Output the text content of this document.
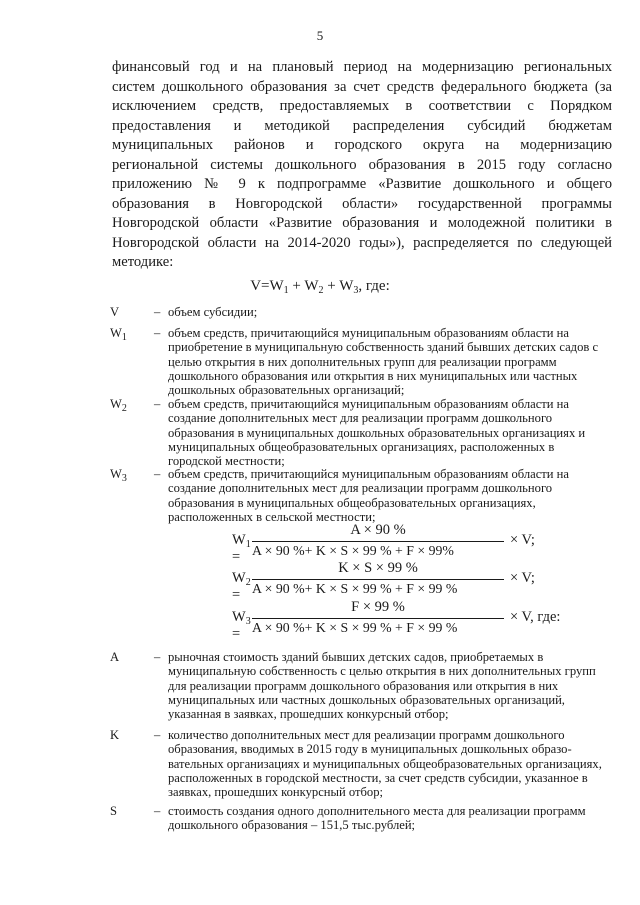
5
финансовый год и на плановый период на модернизацию региональных
систем дошкольного образования за счет средств федерального бюджета (за
исключением средств, предоставляемых в соответствии с Порядком
предоставления и методикой распределения субсидий бюджетам
муниципальных районов и городского округа на модернизацию
региональной системы дошкольного образования в 2015 году согласно
приложению № 9 к подпрограмме «Развитие дошкольного и общего
образования в Новгородской области» государственной программы
Новгородской области «Развитие образования и молодежной политики в
Новгородской области на 2014-2020 годы»), распределяется по следующей
методике:
$V=W_1 + W_2 + W_3$, где:
V	– объем субсидии;
$W_1$	– объем средств, причитающийся муниципальным образованиям области на
приобретение в муниципальную собственность зданий бывших детских садов с
целью открытия в них дополнительных групп для реализации программ
дошкольного образования или открытия в них муниципальных или частных
дошкольных образовательных организаций;
$W_2$	– объем средств, причитающийся муниципальным образованиям области на
создание дополнительных мест для реализации программ дошкольного
образования в муниципальных дошкольных образовательных организациях и
муниципальных общеобразовательных организациях, расположенных в
городской местности;
$W_3$	– объем средств, причитающийся муниципальным образованиям области на
создание дополнительных мест для реализации программ дошкольного
образования в муниципальных общеобразовательных организациях,
расположенных в сельской местности;
$W_1$ =
A × 90 %
A × 90 %+ K × S × 99 % + F × 99%
× V;
$W_2$ =
K × S × 99 %
A × 90 %+ K × S × 99 % + F × 99 %
× V;
$W_3$ =
F × 99 %
A × 90 %+ K × S × 99 % + F × 99 %
× V, где:
A	– рыночная стоимость зданий бывших детских садов, приобретаемых в
муниципальную собственность с целью открытия в них дополнительных групп
для реализации программ дошкольного образования или открытия в них
муниципальных или частных дошкольных образовательных организаций,
указанная в заявках, прошедших конкурсный отбор;
K	– количество дополнительных мест для реализации программ дошкольного
образования, вводимых в 2015 году в муниципальных дошкольных образо-
вательных организациях и муниципальных общеобразовательных организациях,
расположенных в городской местности, за счет средств субсидии, указанное в
заявках, прошедших конкурсный отбор;
S	– стоимость создания одного дополнительного места для реализации программ
дошкольного образования – 151,5 тыс.рублей;
